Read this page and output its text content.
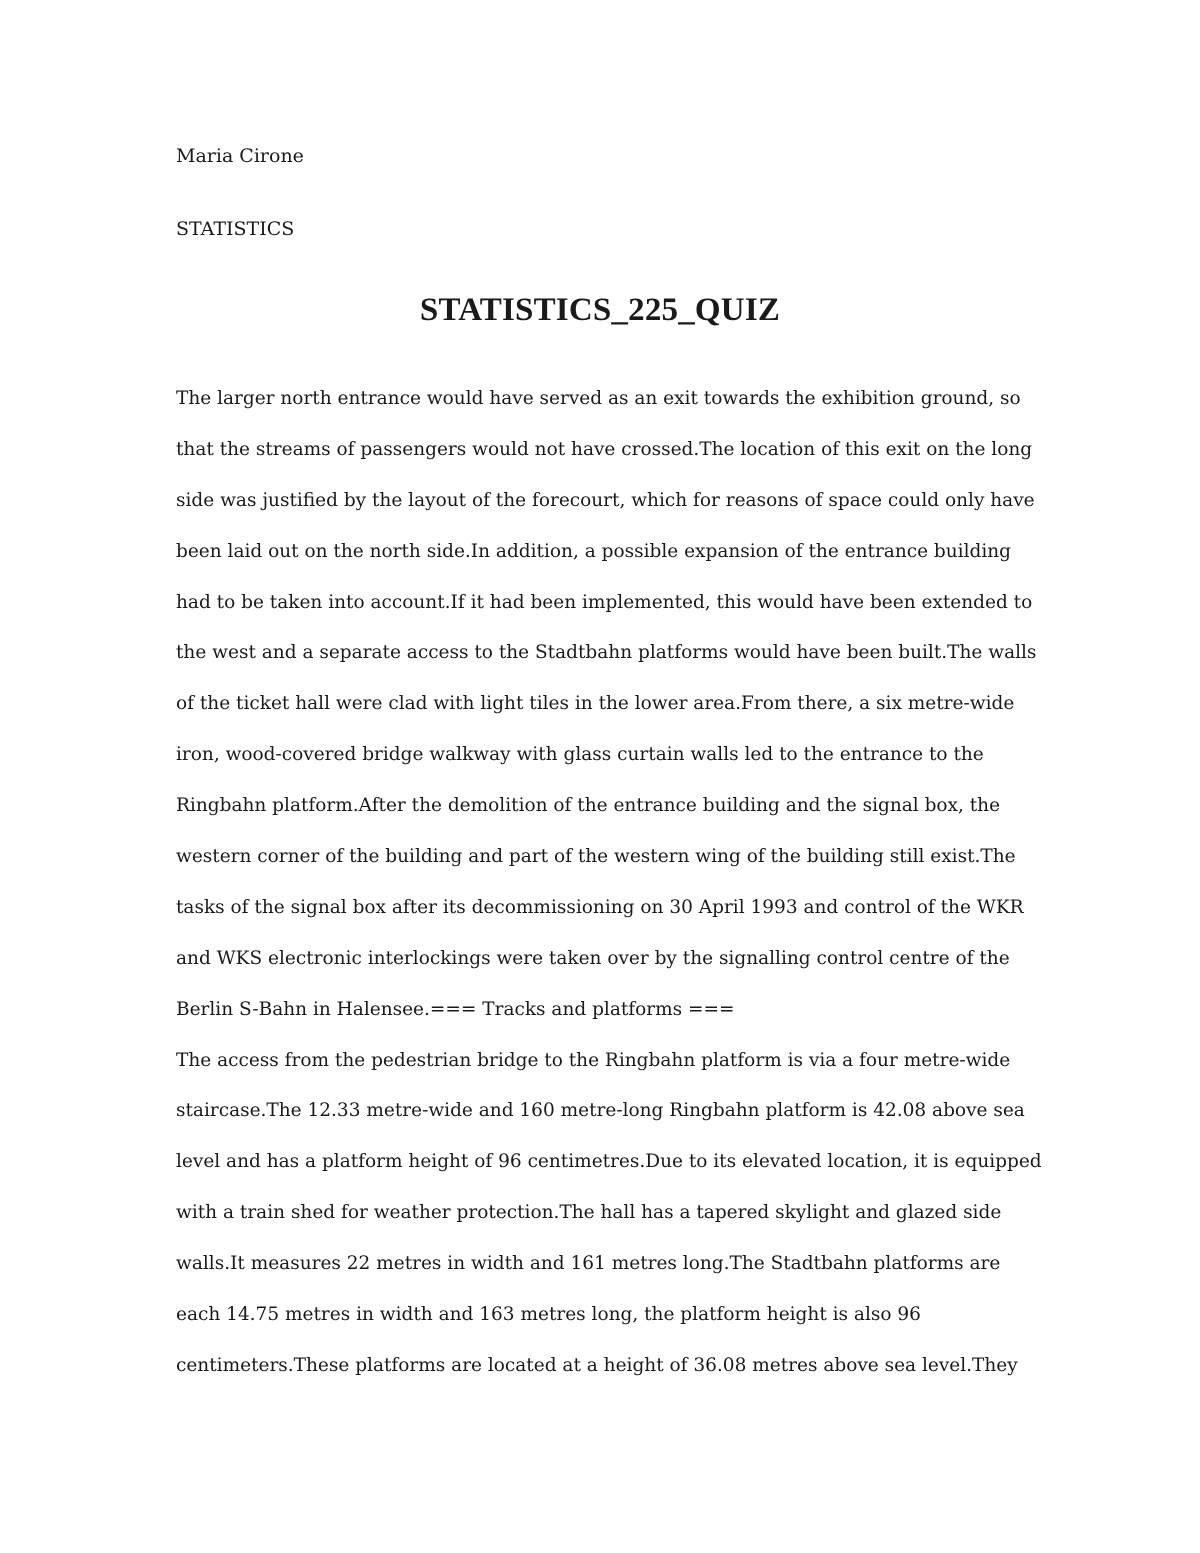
Maria Cirone
STATISTICS
STATISTICS_225_QUIZ
The larger north entrance would have served as an exit towards the exhibition ground, so
that the streams of passengers would not have crossed.The location of this exit on the long
side was justified by the layout of the forecourt, which for reasons of space could only have
been laid out on the north side.In addition, a possible expansion of the entrance building
had to be taken into account.If it had been implemented, this would have been extended to
the west and a separate access to the Stadtbahn platforms would have been built.The walls
of the ticket hall were clad with light tiles in the lower area.From there, a six metre-wide
iron, wood-covered bridge walkway with glass curtain walls led to the entrance to the
Ringbahn platform.After the demolition of the entrance building and the signal box, the
western corner of the building and part of the western wing of the building still exist.The
tasks of the signal box after its decommissioning on 30 April 1993 and control of the WKR
and WKS electronic interlockings were taken over by the signalling control centre of the
Berlin S-Bahn in Halensee.=== Tracks and platforms ===
The access from the pedestrian bridge to the Ringbahn platform is via a four metre-wide
staircase.The 12.33 metre-wide and 160 metre-long Ringbahn platform is 42.08 above sea
level and has a platform height of 96 centimetres.Due to its elevated location, it is equipped
with a train shed for weather protection.The hall has a tapered skylight and glazed side
walls.It measures 22 metres in width and 161 metres long.The Stadtbahn platforms are
each 14.75 metres in width and 163 metres long, the platform height is also 96
centimeters.These platforms are located at a height of 36.08 metres above sea level.They
